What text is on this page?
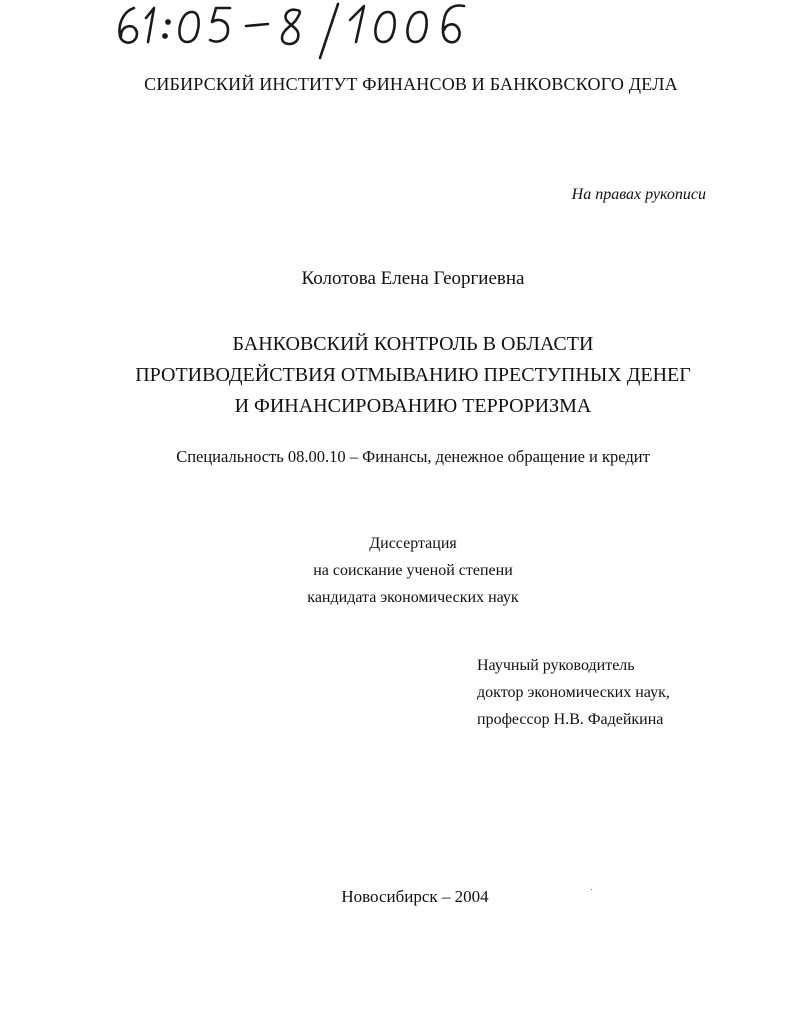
СИБИРСКИЙ ИНСТИТУТ ФИНАНСОВ И БАНКОВСКОГО ДЕЛА
На правах рукописи
Колотова Елена Георгиевна
БАНКОВСКИЙ КОНТРОЛЬ В ОБЛАСТИ
ПРОТИВОДЕЙСТВИЯ ОТМЫВАНИЮ ПРЕСТУПНЫХ ДЕНЕГ
И ФИНАНСИРОВАНИЮ ТЕРРОРИЗМА
Специальность 08.00.10 – Финансы, денежное обращение и кредит
Диссертация
на соискание ученой степени
кандидата экономических наук
Научный руководитель
доктор экономических наук,
профессор Н.В. Фадейкина
Новосибирск – 2004
